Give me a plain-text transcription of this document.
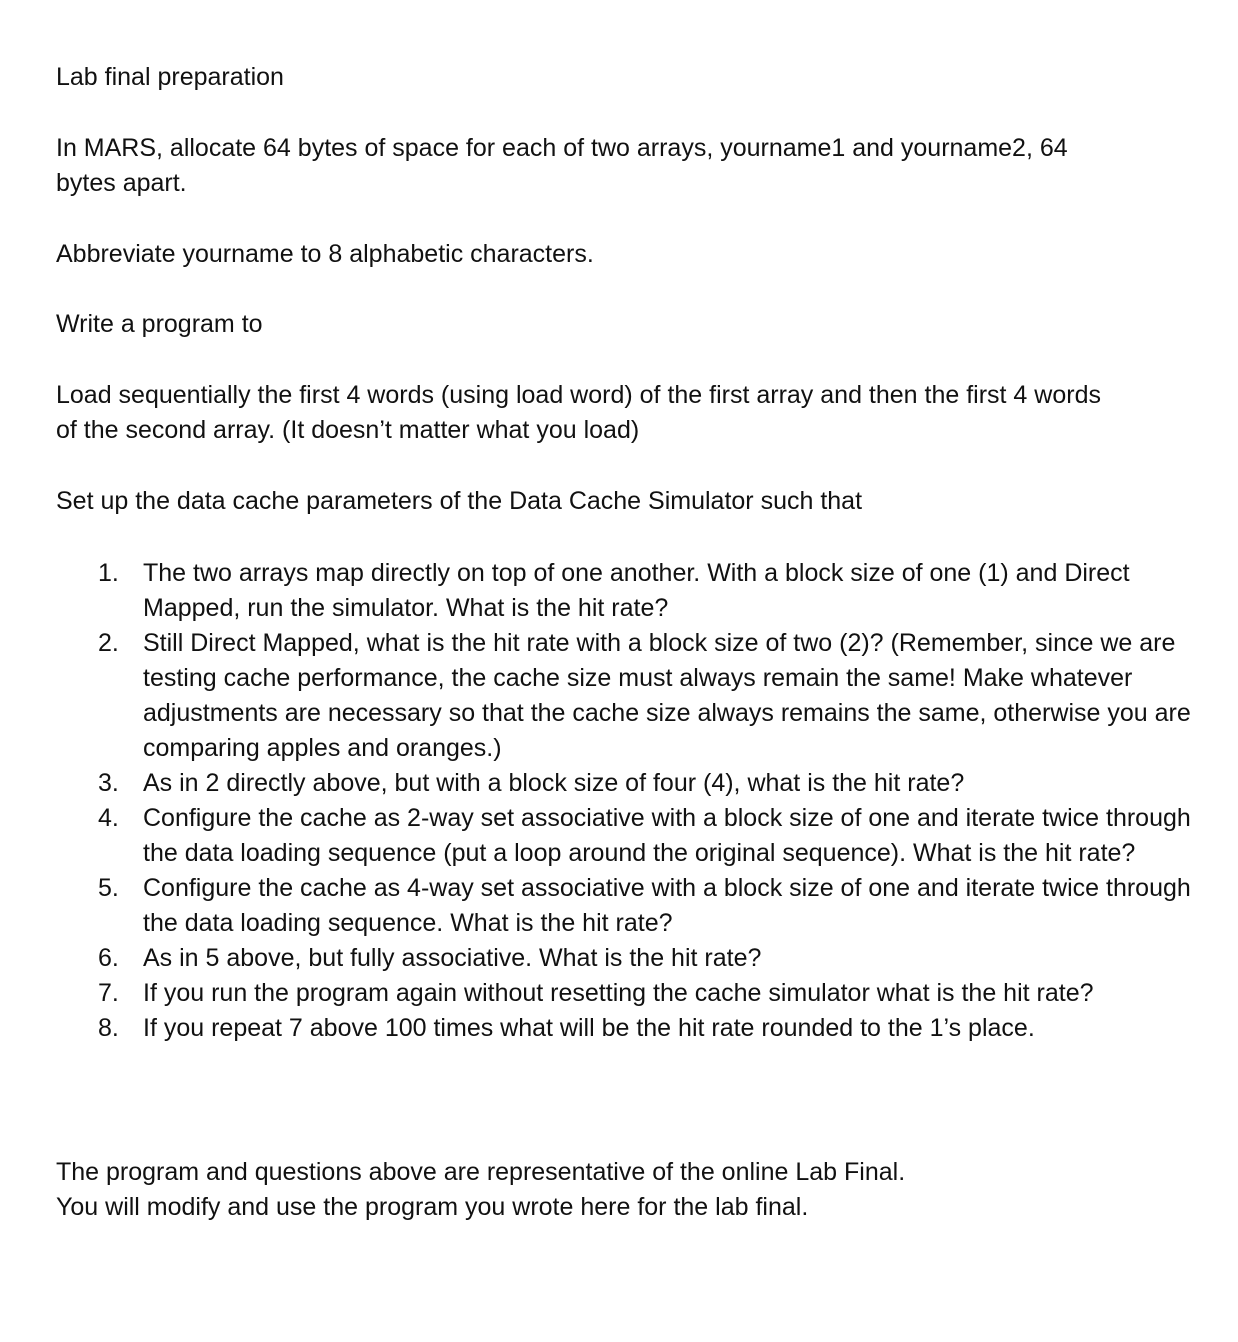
Lab final preparation

In MARS, allocate 64 bytes of space for each of two arrays, yourname1 and yourname2, 64

bytes apart.

Abbreviate yourname to 8 alphabetic characters.

Write a program to

Load sequentially the first 4 words (using load word) of the first array and then the first 4 words

of the second array. (It doesn’t matter what you load)

Set up the data cache parameters of the Data Cache Simulator such that

1. The two arrays map directly on top of one another. With a block size of one (1) and Direct Mapped, run the simulator. What is the hit rate?
2. Still Direct Mapped, what is the hit rate with a block size of two (2)? (Remember, since we are testing cache performance, the cache size must always remain the same! Make whatever adjustments are necessary so that the cache size always remains the same, otherwise you are comparing apples and oranges.)
3. As in 2 directly above, but with a block size of four (4), what is the hit rate?
4. Configure the cache as 2-way set associative with a block size of one and iterate twice through the data loading sequence (put a loop around the original sequence). What is the hit rate?
5. Configure the cache as 4-way set associative with a block size of one and iterate twice through the data loading sequence. What is the hit rate?
6. As in 5 above, but fully associative. What is the hit rate?
7. If you run the program again without resetting the cache simulator what is the hit rate?
8. If you repeat 7 above 100 times what will be the hit rate rounded to the 1’s place.

The program and questions above are representative of the online Lab Final.

You will modify and use the program you wrote here for the lab final.
